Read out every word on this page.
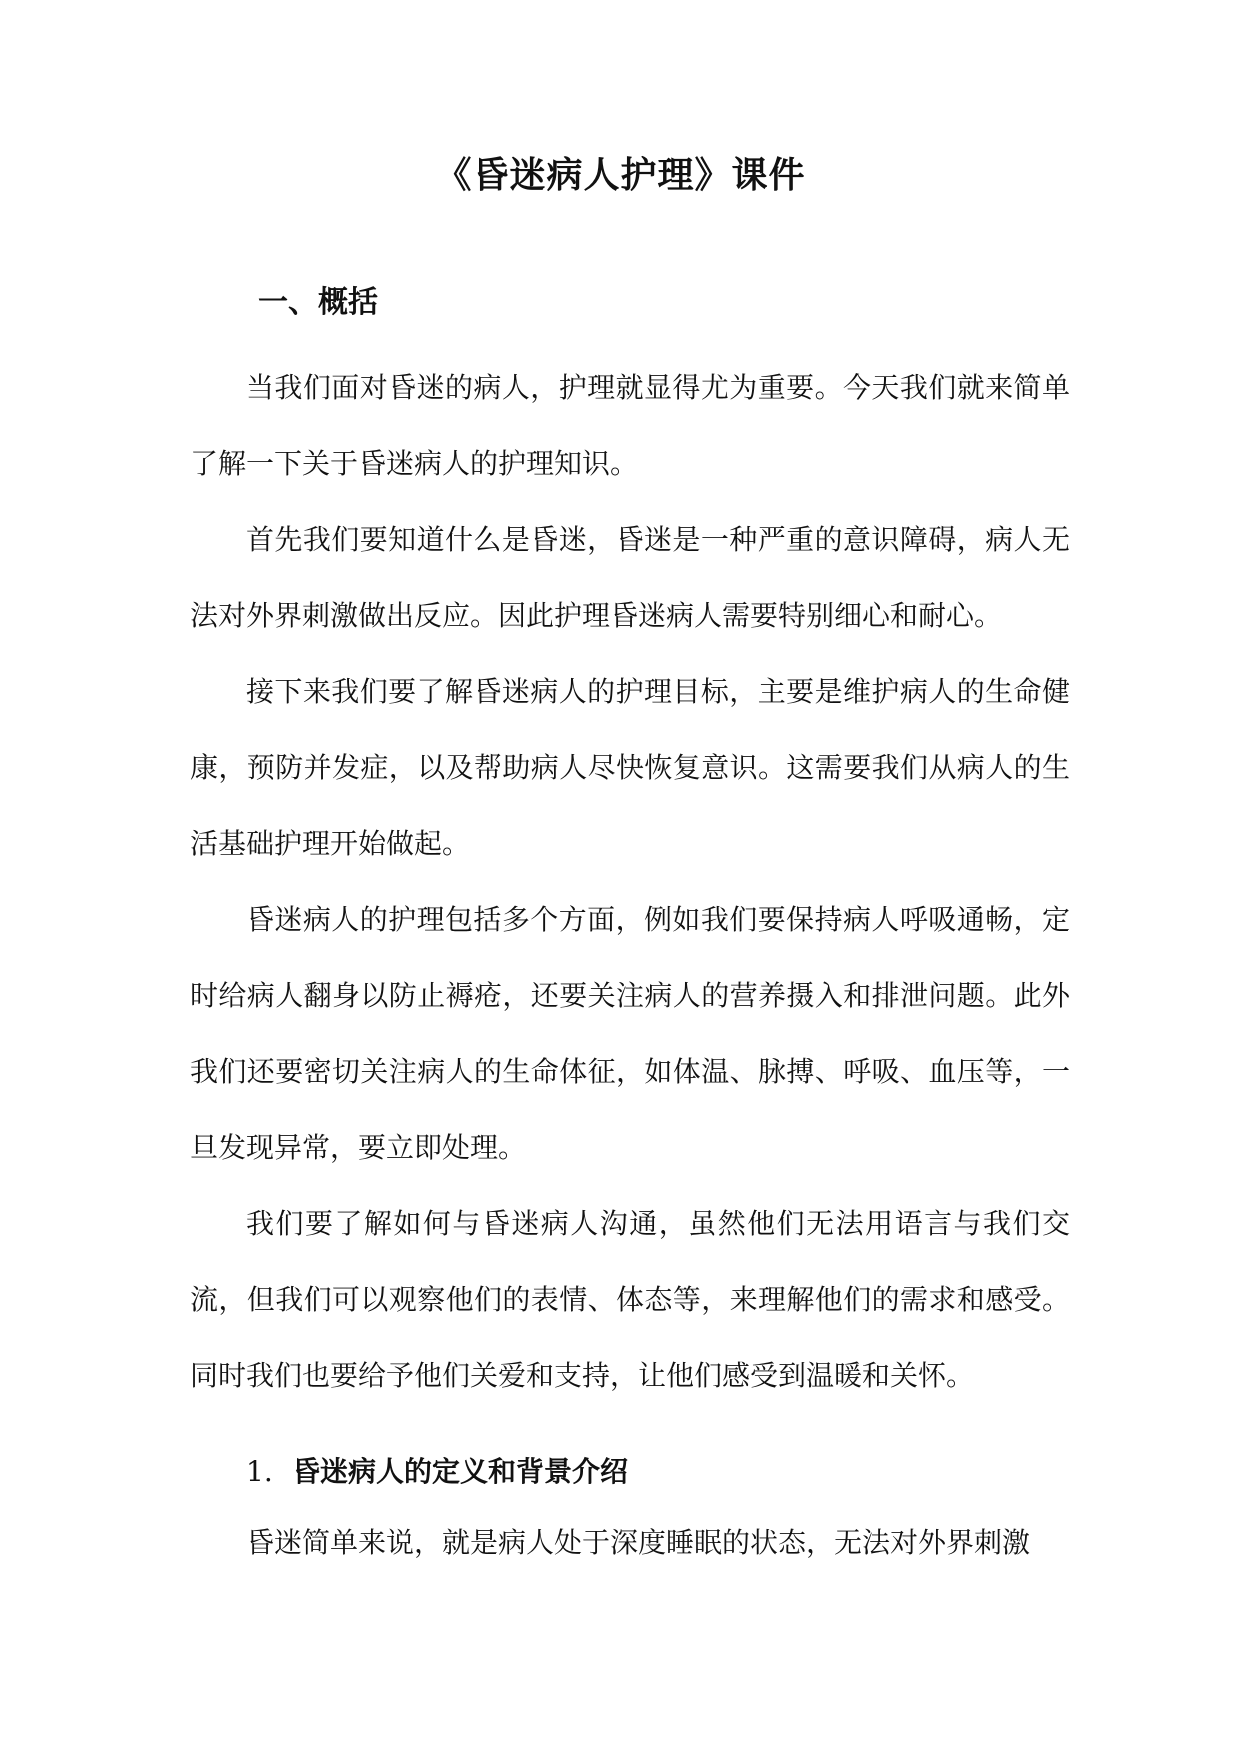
《昏迷病人护理》课件
一、概括

当我们面对昏迷的病人，护理就显得尤为重要。今天我们就来简单了解一下关于昏迷病人的护理知识。

首先我们要知道什么是昏迷，昏迷是一种严重的意识障碍，病人无法对外界刺激做出反应。因此护理昏迷病人需要特别细心和耐心。

接下来我们要了解昏迷病人的护理目标，主要是维护病人的生命健康，预防并发症，以及帮助病人尽快恢复意识。这需要我们从病人的生活基础护理开始做起。

昏迷病人的护理包括多个方面，例如我们要保持病人呼吸通畅，定时给病人翻身以防止褥疮，还要关注病人的营养摄入和排泄问题。此外我们还要密切关注病人的生命体征，如体温、脉搏、呼吸、血压等，一旦发现异常，要立即处理。

我们要了解如何与昏迷病人沟通，虽然他们无法用语言与我们交流，但我们可以观察他们的表情、体态等，来理解他们的需求和感受。同时我们也要给予他们关爱和支持，让他们感受到温暖和关怀。

1. 昏迷病人的定义和背景介绍

昏迷简单来说，就是病人处于深度睡眠的状态，无法对外界刺激
